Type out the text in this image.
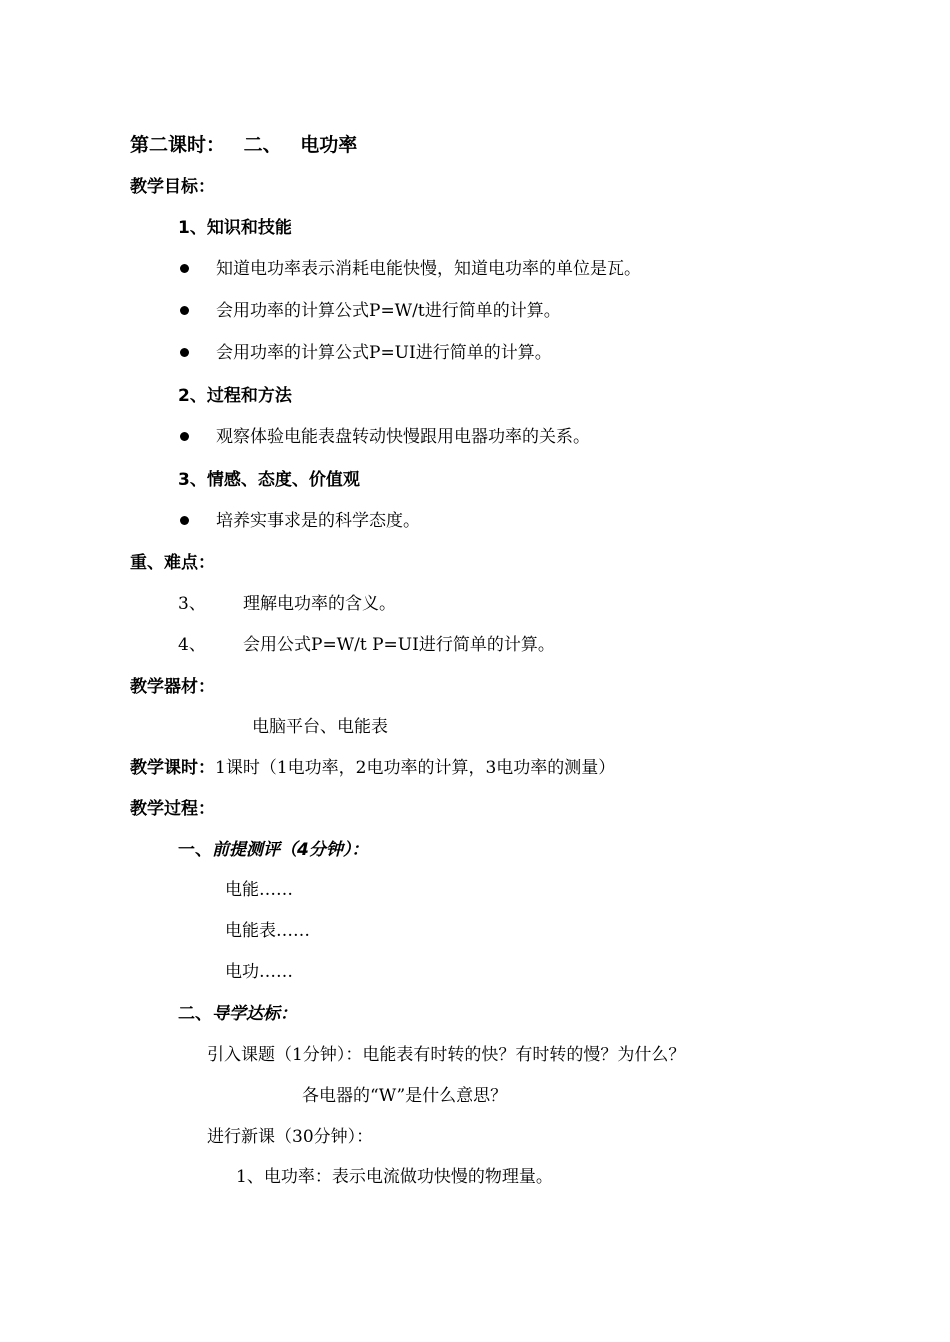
第二课时： 二、 电功率
教学目标：
1、知识和技能
知道电功率表示消耗电能快慢，知道电功率的单位是瓦。
会用功率的计算公式P=W/t进行简单的计算。
会用功率的计算公式P=UI进行简单的计算。
2、过程和方法
观察体验电能表盘转动快慢跟用电器功率的关系。
3、情感、态度、价值观
培养实事求是的科学态度。
重、难点：
3、 理解电功率的含义。
4、 会用公式P=W/t P=UI进行简单的计算。
教学器材：
电脑平台、电能表
教学课时：1课时（1电功率，2电功率的计算，3电功率的测量）
教学过程：
一、前提测评（4分钟）：
电能……
电能表……
电功……
二、导学达标：
引入课题（1分钟）：电能表有时转的快？有时转的慢？为什么？
各电器的“W”是什么意思？
进行新课（30分钟）：
1、电功率：表示电流做功快慢的物理量。
